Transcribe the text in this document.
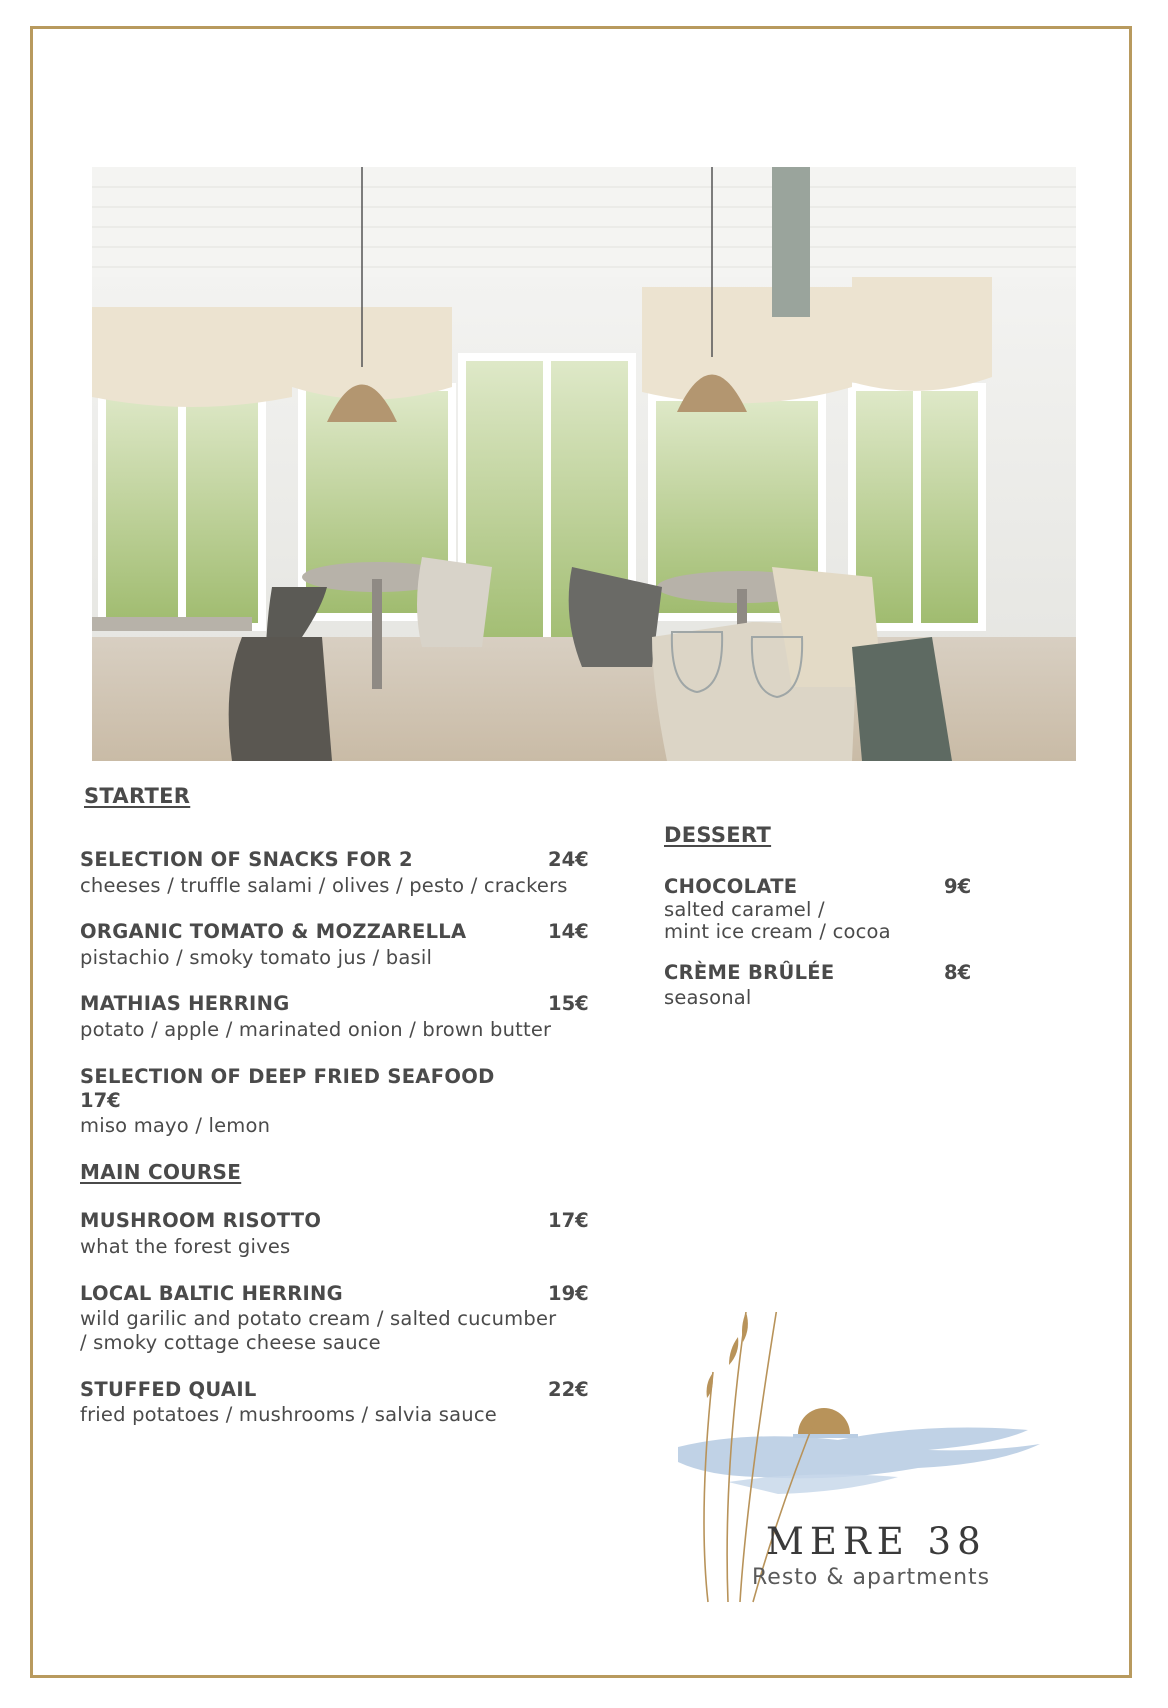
STARTER
SELECTION OF SNACKS FOR 2	24€
cheeses / truffle salami / olives / pesto / crackers
ORGANIC TOMATO & MOZZARELLA	14€
pistachio / smoky tomato jus / basil
MATHIAS HERRING	15€
potato / apple / marinated onion / brown butter
SELECTION OF DEEP FRIED SEAFOOD
17€
miso mayo / lemon
MAIN COURSE
MUSHROOM RISOTTO	17€
what the forest gives
LOCAL BALTIC HERRING	19€
wild garilic and potato cream / salted cucumber
/ smoky cottage cheese sauce
STUFFED QUAIL	22€
fried potatoes / mushrooms / salvia sauce
DESSERT
CHOCOLATE	9€
salted caramel /
mint ice cream / cocoa
CRÈME BRÛLÉE	8€
seasonal
MERE 38
Resto & apartments
